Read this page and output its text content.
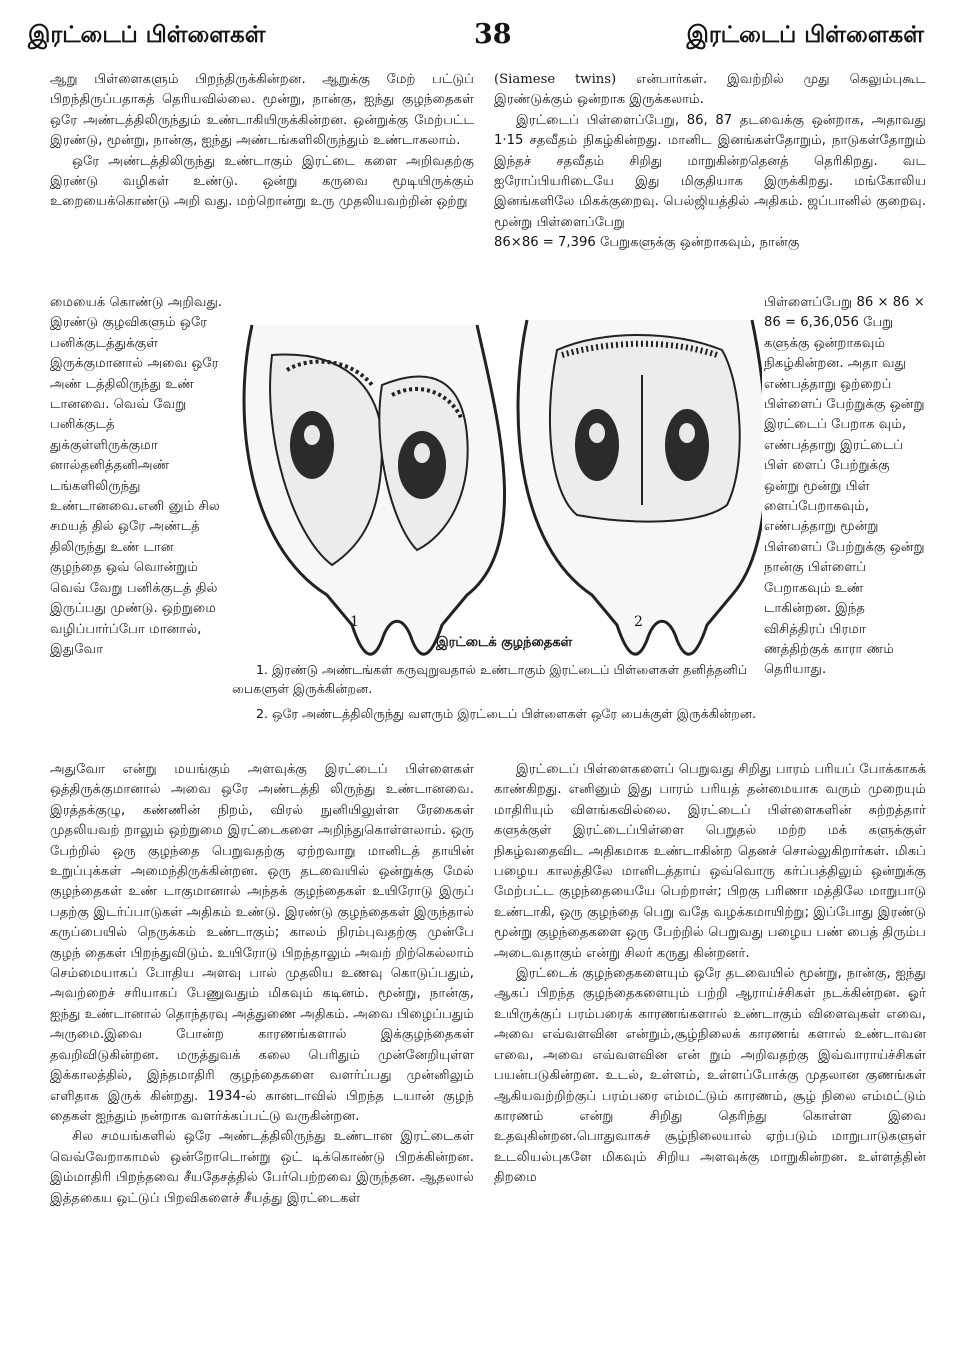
இரட்டைப் பிள்ளைகள்	38	இரட்டைப் பிள்ளைகள்

ஆறு பிள்ளைகளும் பிறந்திருக்கின்றன. ஆறுக்கு மேற் பட்டுப் பிறந்திருப்பதாகத் தெரியவில்லை. மூன்று, நான்கு, ஐந்து குழந்தைகள் ஒரே அண்டத்திலிருந்தும் உண்டாகியிருக்கின்றன. ஒன்றுக்கு மேற்பட்ட இரண்டு, மூன்று, நான்கு, ஐந்து அண்டங்களிலிருந்தும் உண்டாகலாம்.

ஒரே அண்டத்திலிருந்து உண்டாகும் இரட்டை களை அறிவதற்கு இரண்டு வழிகள் உண்டு. ஒன்று கருவை மூடியிருக்கும் உறையைக்கொண்டு அறி வது. மற்றொன்று உரு முதலியவற்றின் ஒற்று

(Siamese twins) என்பார்கள். இவற்றில் முது கெலும்புகூட இரண்டுக்கும் ஒன்றாக இருக்கலாம்.

இரட்டைப் பிள்ளைப்பேறு, 86, 87 தடவைக்கு ஒன்றாக, அதாவது 1·15 சதவீதம் நிகழ்கின்றது. மானிட இனங்கள்தோறும், நாடுகள்தோறும் இந்தச் சதவீதம் சிறிது மாறுகின்றதெனத் தெரிகிறது. வட ஐரோப்பியரிடையே இது மிகுதியாக இருக்கிறது. மங்கோலிய இனங்களிலே மிகக்குறைவு. பெல்ஜியத்தில் அதிகம். ஜப்பானில் குறைவு. மூன்று பிள்ளைப்பேறு

86×86 = 7,396 பேறுகளுக்கு ஒன்றாகவும், நான்கு

மையைக் கொண்டு அறிவது. இரண்டு குழவிகளும் ஒரே பனிக்குடத்துக்குள் இருக்குமானால் அவை ஒரே அண் டத்திலிருந்து உண் டானவை. வெவ் வேறு பனிக்குடத் துக்குள்ளிருக்குமா னால்தனித்தனிஅண் டங்களிலிருந்து உண்டானவை.எனி னும் சில சமயத் தில் ஒரே அண்டத் திலிருந்து உண் டான குழந்தை ஒவ் வொன்றும் வெவ் வேறு பனிக்குடத் தில் இருப்பது முண்டு. ஒற்றுமை வழிப்பார்ப்போ மானால், இதுவோ
பிள்ளைப்பேறு 86 × 86 × 86 = 6,36,056 பேறு களுக்கு ஒன்றாகவும் நிகழ்கின்றன. அதா வது எண்பத்தாறு ஒற்றைப் பிள்ளைப் பேற்றுக்கு ஒன்று இரட்டைப் பேறாக வும், எண்பத்தாறு இரட்டைப் பிள் ளைப் பேற்றுக்கு ஒன்று மூன்று பிள் ளைப்பேறாகவும், எண்பத்தாறு மூன்று பிள்ளைப் பேற்றுக்கு ஒன்று நான்கு பிள்ளைப் பேறாகவும் உண் டாகின்றன. இந்த விசித்திரப் பிரமா ணத்திற்குக் காரா ணம் தெரியாது.
1	2
இரட்டைக் குழந்தைகள்
1. இரண்டு அண்டங்கள் கருவுறுவதால் உண்டாகும் இரட்டைப் பிள்ளைகள் தனித்தனிப் பைகளுள் இருக்கின்றன.
2. ஒரே அண்டத்திலிருந்து வளரும் இரட்டைப் பிள்ளைகள் ஒரே பைக்குள் இருக்கின்றன.

அதுவோ என்று மயங்கும் அளவுக்கு இரட்டைப் பிள்ளைகள் ஒத்திருக்குமானால் அவை ஒரே அண்டத்தி லிருந்து உண்டானவை. இரத்தக்குழு, கண்ணின் நிறம், விரல் நுனியிலுள்ள ரேகைகள் முதலியவற் றாலும் ஒற்றுமை இரட்டைகளை அறிந்துகொள்ளலாம். ஒரு பேற்றில் ஒரு குழந்தை பெறுவதற்கு ஏற்றவாறு மானிடத் தாயின் உறுப்புக்கள் அமைந்திருக்கின்றன. ஒரு தடவையில் ஒன்றுக்கு மேல் குழந்தைகள் உண் டாகுமானால் அந்தக் குழந்தைகள் உயிரோடு இருப் பதற்கு இடர்ப்பாடுகள் அதிகம் உண்டு. இரண்டு குழந்தைகள் இருந்தால் கருப்பையில் நெருக்கம் உண்டாகும்; காலம் நிரம்புவதற்கு முன்பே குழந் தைகள் பிறந்துவிடும். உயிரோடு பிறந்தாலும் அவற் றிற்கெல்லாம் செம்மையாகப் போதிய அளவு பால் முதலிய உணவு கொடுப்பதும், அவற்றைச் சரியாகப் பேணுவதும் மிகவும் கடினம். மூன்று, நான்கு, ஐந்து உண்டானால் தொந்தரவு அத்துணை அதிகம். அவை பிழைப்பதும் அருமை.இவை போன்ற காரணங்களால் இக்குழந்தைகள் தவறிவிடுகின்றன. மருத்துவக் கலை பெரிதும் முன்னேறியுள்ள இக்காலத்தில், இந்தமாதிரி குழந்தைகளை வளர்ப்பது முன்னிலும் எளிதாக இருக் கின்றது. 1934-ல் கானடாவில் பிறந்த டயான் குழந் தைகள் ஐந்தும் நன்றாக வளர்க்கப்பட்டு வருகின்றன.

சில சமயங்களில் ஒரே அண்டத்திலிருந்து உண்டான இரட்டைகள் வெவ்வேறாகாமல் ஒன்றோடொன்று ஒட் டிக்கொண்டு பிறக்கின்றன. இம்மாதிரி பிறந்தவை சீயதேசத்தில் பேர்பெற்றவை இருந்தன. ஆதலால் இத்தகைய ஒட்டுப் பிறவிகளைச் சீயத்து இரட்டைகள்

இரட்டைப் பிள்ளைகளைப் பெறுவது சிறிது பாரம் பரியப் போக்காகக் காண்கிறது. எனினும் இது பாரம் பரியத் தன்மையாக வரும் முறையும் மாதிரியும் விளங்கவில்லை. இரட்டைப் பிள்ளைகளின் சுற்றத்தார் களுக்குள் இரட்டைப்பிள்ளை பெறுதல் மற்ற மக் களுக்குள் நிகழ்வதைவிட அதிகமாக உண்டாகின்ற தெனச் சொல்லுகிறார்கள். மிகப் பழைய காலத்திலே மானிடத்தாய் ஒவ்வொரு கர்ப்பத்திலும் ஒன்றுக்கு மேற்பட்ட குழந்தையையே பெற்றாள்; பிறகு பரிணா மத்திலே மாறுபாடு உண்டாகி, ஒரு குழந்தை பெறு வதே வழக்கமாயிற்று; இப்போது இரண்டு மூன்று குழந்தைகளை ஒரு பேற்றில் பெறுவது பழைய பண் பைத் திரும்ப அடைவதாகும் என்று சிலர் கருது கின்றனர்.

இரட்டைக் குழந்தைகளையும் ஒரே தடவையில் மூன்று, நான்கு, ஐந்து ஆகப் பிறந்த குழந்தைகளையும் பற்றி ஆராய்ச்சிகள் நடக்கின்றன. ஓர் உயிருக்குப் பரம்பரைக் காரணங்களால் உண்டாகும் விளைவுகள் எவை, அவை எவ்வளவின என்றும்,சூழ்நிலைக் காரணங் களால் உண்டாவன எவை, அவை எவ்வளவின என் றும் அறிவதற்கு இவ்வாராய்ச்சிகள் பயன்படுகின்றன. உடல், உள்ளம், உள்ளப்போக்கு முதலான குணங்கள் ஆகியவற்றிற்குப் பரம்பரை எம்மட்டும் காரணம், சூழ் நிலை எம்மட்டும் காரணம் என்று சிறிது தெரிந்து கொள்ள இவை உதவுகின்றன.பொதுவாகச் சூழ்நிலையால் ஏற்படும் மாறுபாடுகளுள் உடலியல்புகளே மிகவும் சிறிய அளவுக்கு மாறுகின்றன. உள்ளத்தின் திறமை
